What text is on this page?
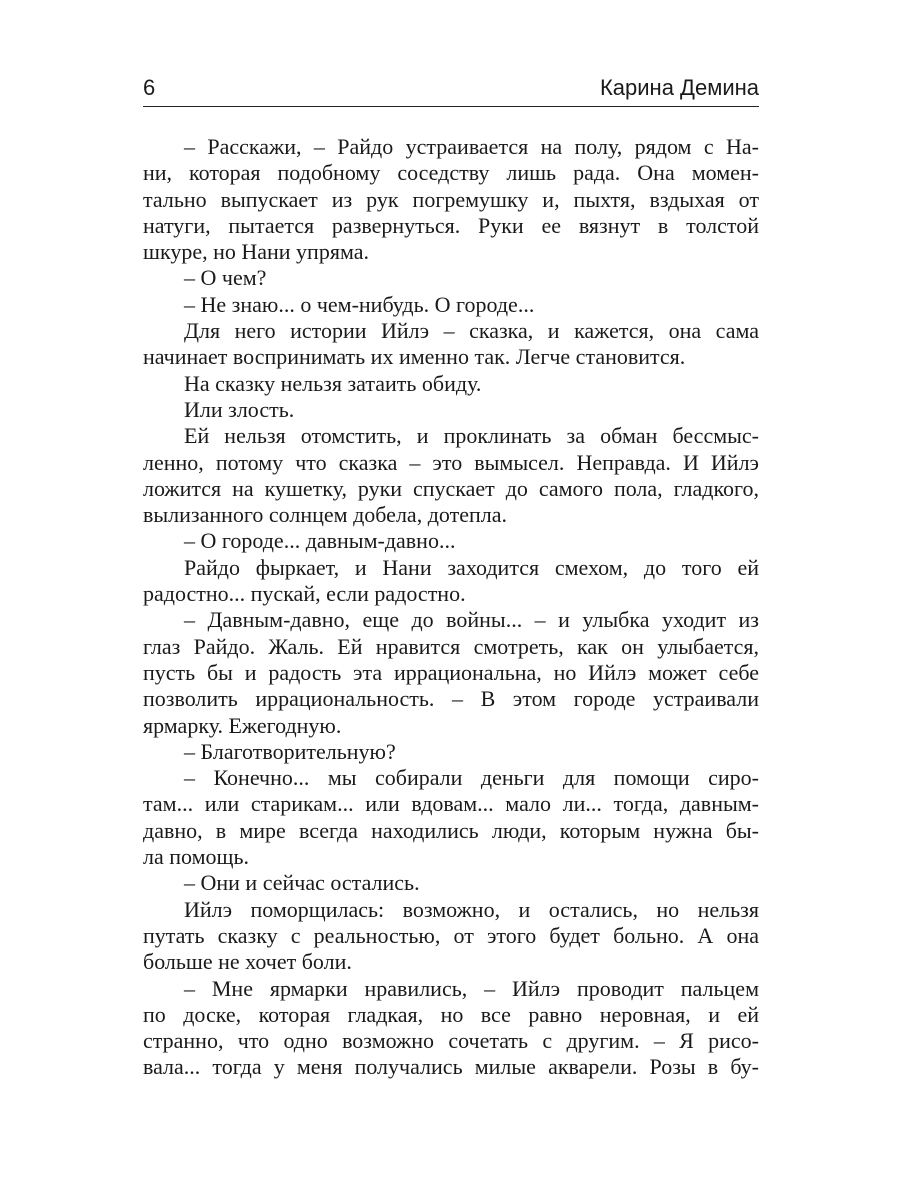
6	Карина Демина
– Расскажи, – Райдо устраивается на полу, рядом с На-
ни, которая подобному соседству лишь рада. Она момен-
тально выпускает из рук погремушку и, пыхтя, вздыхая от
натуги, пытается развернуться. Руки ее вязнут в толстой
шкуре, но Нани упряма.
– О чем?
– Не знаю... о чем-нибудь. О городе...
Для него истории Ийлэ – сказка, и кажется, она сама
начинает воспринимать их именно так. Легче становится.
На сказку нельзя затаить обиду.
Или злость.
Ей нельзя отомстить, и проклинать за обман бессмыс-
ленно, потому что сказка – это вымысел. Неправда. И Ийлэ
ложится на кушетку, руки спускает до самого пола, гладкого,
вылизанного солнцем добела, дотепла.
– О городе... давным-давно...
Райдо фыркает, и Нани заходится смехом, до того ей
радостно... пускай, если радостно.
– Давным-давно, еще до войны... – и улыбка уходит из
глаз Райдо. Жаль. Ей нравится смотреть, как он улыбается,
пусть бы и радость эта иррациональна, но Ийлэ может себе
позволить иррациональность. – В этом городе устраивали
ярмарку. Ежегодную.
– Благотворительную?
– Конечно... мы собирали деньги для помощи сиро-
там... или старикам... или вдовам... мало ли... тогда, давным-
давно, в мире всегда находились люди, которым нужна бы-
ла помощь.
– Они и сейчас остались.
Ийлэ поморщилась: возможно, и остались, но нельзя
путать сказку с реальностью, от этого будет больно. А она
больше не хочет боли.
– Мне ярмарки нравились, – Ийлэ проводит пальцем
по доске, которая гладкая, но все равно неровная, и ей
странно, что одно возможно сочетать с другим. – Я рисо-
вала... тогда у меня получались милые акварели. Розы в бу-
